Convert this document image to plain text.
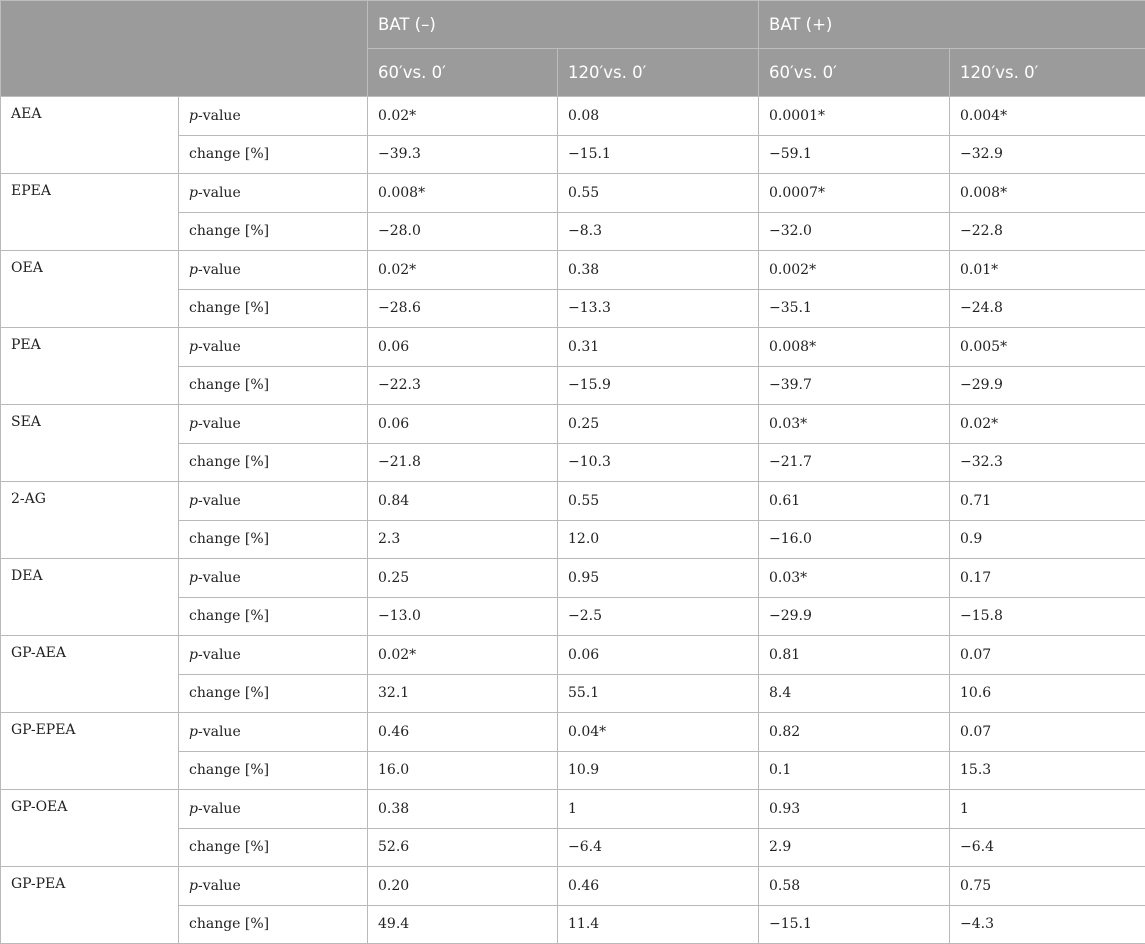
		BAT (–)		BAT (+)	
		60′vs. 0′	120′vs. 0′	60′vs. 0′	120′vs. 0′
AEA	p-value	0.02*	0.08	0.0001*	0.004*
	change [%]	−39.3	−15.1	−59.1	−32.9
EPEA	p-value	0.008*	0.55	0.0007*	0.008*
	change [%]	−28.0	−8.3	−32.0	−22.8
OEA	p-value	0.02*	0.38	0.002*	0.01*
	change [%]	−28.6	−13.3	−35.1	−24.8
PEA	p-value	0.06	0.31	0.008*	0.005*
	change [%]	−22.3	−15.9	−39.7	−29.9
SEA	p-value	0.06	0.25	0.03*	0.02*
	change [%]	−21.8	−10.3	−21.7	−32.3
2-AG	p-value	0.84	0.55	0.61	0.71
	change [%]	2.3	12.0	−16.0	0.9
DEA	p-value	0.25	0.95	0.03*	0.17
	change [%]	−13.0	−2.5	−29.9	−15.8
GP-AEA	p-value	0.02*	0.06	0.81	0.07
	change [%]	32.1	55.1	8.4	10.6
GP-EPEA	p-value	0.46	0.04*	0.82	0.07
	change [%]	16.0	10.9	0.1	15.3
GP-OEA	p-value	0.38	1	0.93	1
	change [%]	52.6	−6.4	2.9	−6.4
GP-PEA	p-value	0.20	0.46	0.58	0.75
	change [%]	49.4	11.4	−15.1	−4.3
